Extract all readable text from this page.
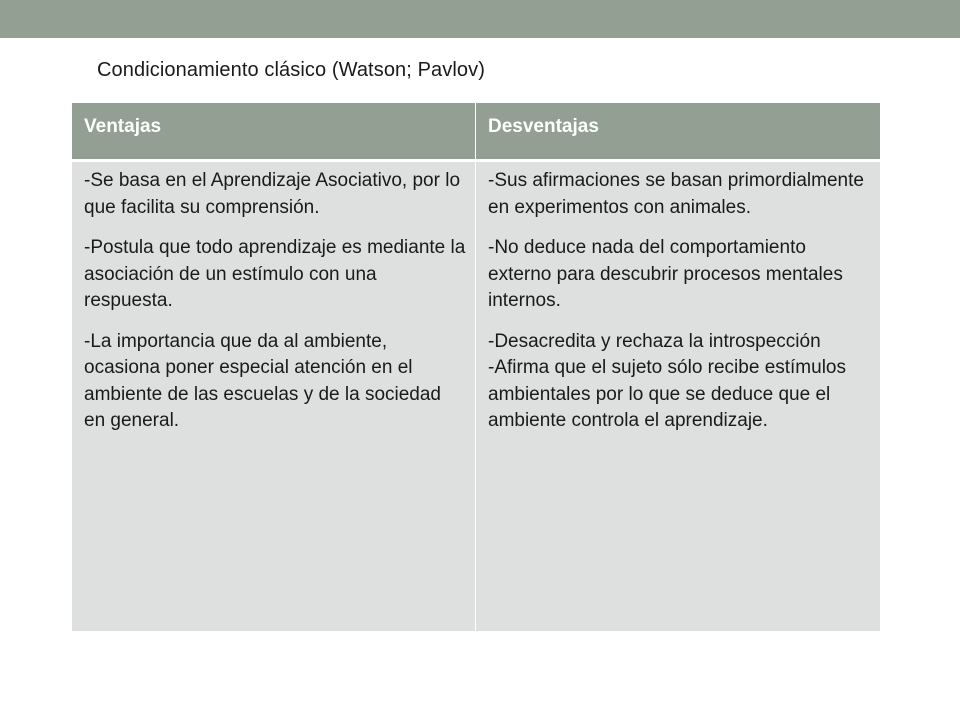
Condicionamiento clásico (Watson; Pavlov)
Ventajas	Desventajas

-Se basa en el Aprendizaje Asociativo, por lo que facilita su comprensión.

-Postula que todo aprendizaje es mediante la asociación de un estímulo con una respuesta.

-La importancia que da al ambiente, ocasiona poner especial atención en el ambiente de las escuelas y de la sociedad en general.

-Sus afirmaciones se basan primordialmente en experimentos con animales.

-No deduce nada del comportamiento externo para descubrir procesos mentales internos.

-Desacredita y rechaza la introspección

-Afirma que el sujeto sólo recibe estímulos ambientales por lo que se deduce que el ambiente controla el aprendizaje.
